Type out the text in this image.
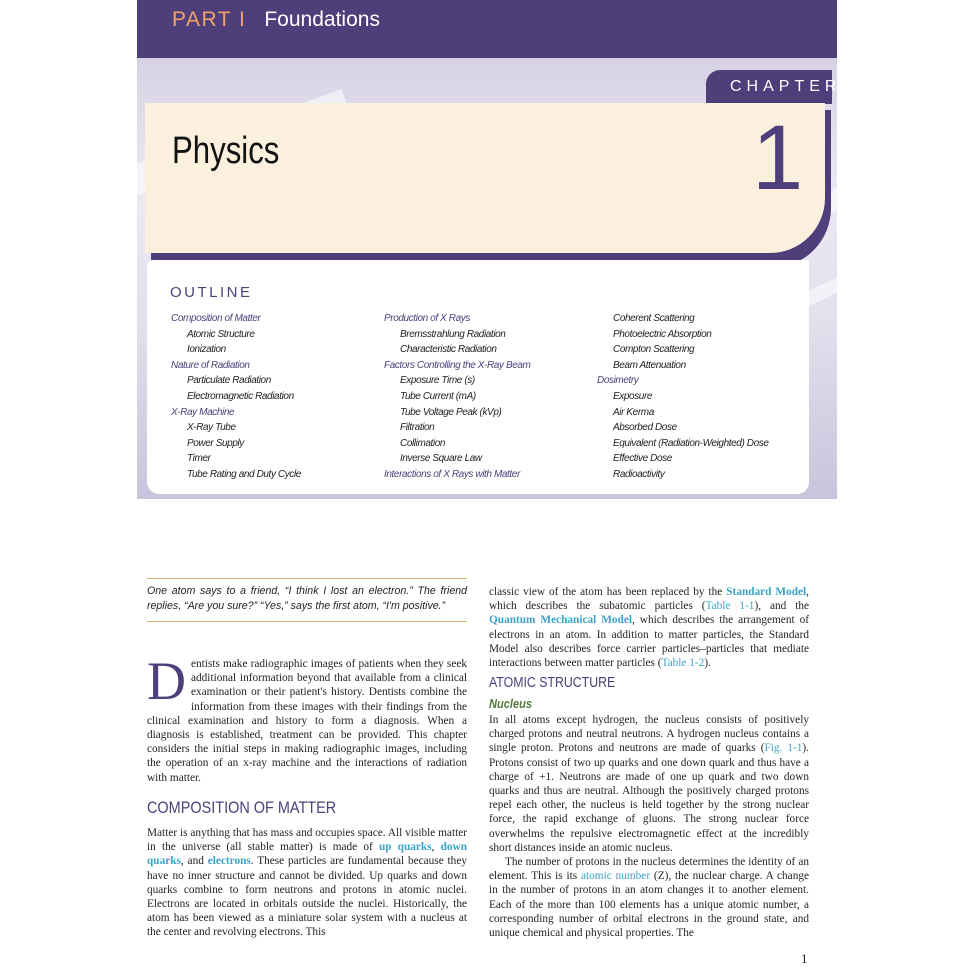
PART I Foundations
CHAPTER
Physics	1
OUTLINE
Composition of Matter
Atomic Structure
Ionization
Nature of Radiation
Particulate Radiation
Electromagnetic Radiation
X-Ray Machine
X-Ray Tube
Power Supply
Timer
Tube Rating and Duty Cycle
Production of X Rays
Bremsstrahlung Radiation
Characteristic Radiation
Factors Controlling the X-Ray Beam
Exposure Time (s)
Tube Current (mA)
Tube Voltage Peak (kVp)
Filtration
Collimation
Inverse Square Law
Interactions of X Rays with Matter
Coherent Scattering
Photoelectric Absorption
Compton Scattering
Beam Attenuation
Dosimetry
Exposure
Air Kerma
Absorbed Dose
Equivalent (Radiation-Weighted) Dose
Effective Dose
Radioactivity
One atom says to a friend, “I think I lost an electron.” The friend replies, “Are you sure?” “Yes,” says the first atom, “I'm positive.”
Dentists make radiographic images of patients when they seek additional information beyond that available from a clinical examination or their patient's history. Dentists combine the information from these images with their findings from the clinical examination and history to form a diagnosis. When a diagnosis is established, treatment can be provided. This chapter considers the initial steps in making radiographic images, including the operation of an x-ray machine and the interactions of radiation with matter.
COMPOSITION OF MATTER
Matter is anything that has mass and occupies space. All visible matter in the universe (all stable matter) is made of up quarks, down quarks, and electrons. These particles are fundamental because they have no inner structure and cannot be divided. Up quarks and down quarks combine to form neutrons and protons in atomic nuclei. Electrons are located in orbitals outside the nuclei. Historically, the atom has been viewed as a miniature solar system with a nucleus at the center and revolving electrons. This
classic view of the atom has been replaced by the Standard Model, which describes the subatomic particles (Table 1-1), and the Quantum Mechanical Model, which describes the arrangement of electrons in an atom. In addition to matter particles, the Standard Model also describes force carrier particles–particles that mediate interactions between matter particles (Table 1-2).
ATOMIC STRUCTURE
Nucleus
In all atoms except hydrogen, the nucleus consists of positively charged protons and neutral neutrons. A hydrogen nucleus contains a single proton. Protons and neutrons are made of quarks (Fig. 1-1). Protons consist of two up quarks and one down quark and thus have a charge of +1. Neutrons are made of one up quark and two down quarks and thus are neutral. Although the positively charged protons repel each other, the nucleus is held together by the strong nuclear force, the rapid exchange of gluons. The strong nuclear force overwhelms the repulsive electromagnetic effect at the incredibly short distances inside an atomic nucleus.
The number of protons in the nucleus determines the identity of an element. This is its atomic number (Z), the nuclear charge. A change in the number of protons in an atom changes it to another element. Each of the more than 100 elements has a unique atomic number, a corresponding number of orbital electrons in the ground state, and unique chemical and physical properties. The
1
